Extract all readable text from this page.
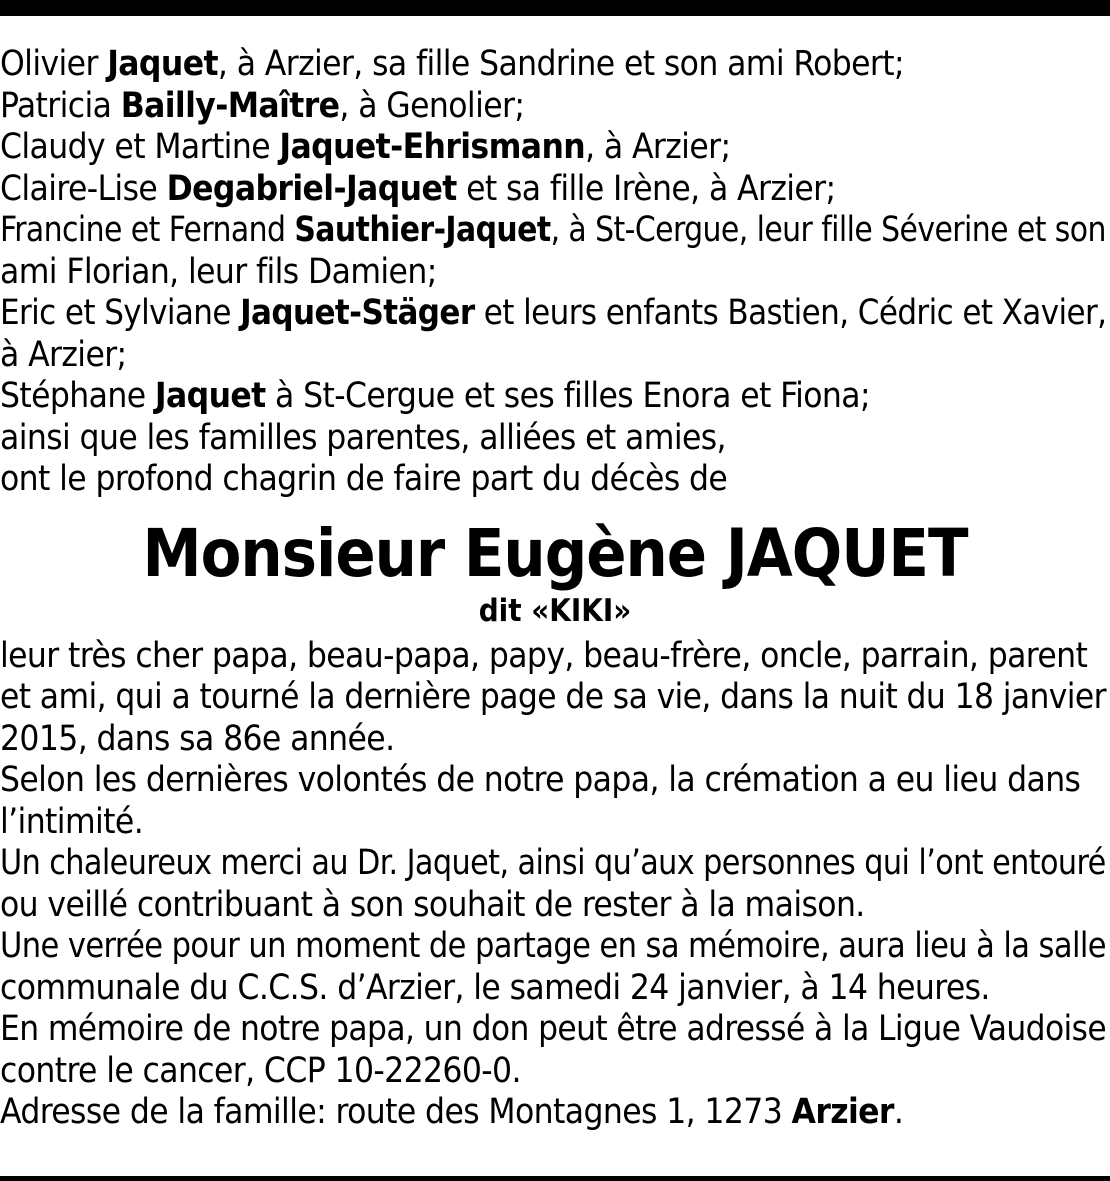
Olivier Jaquet, à Arzier, sa fille Sandrine et son ami Robert;
Patricia Bailly-Maître, à Genolier;
Claudy et Martine Jaquet-Ehrismann, à Arzier;
Claire-Lise Degabriel-Jaquet et sa fille Irène, à Arzier;
Francine et Fernand Sauthier-Jaquet, à St-Cergue, leur fille Séverine et son
ami Florian, leur fils Damien;
Eric et Sylviane Jaquet-Stäger et leurs enfants Bastien, Cédric et Xavier,
à Arzier;
Stéphane Jaquet à St-Cergue et ses filles Enora et Fiona;
ainsi que les familles parentes, alliées et amies,
ont le profond chagrin de faire part du décès de
Monsieur Eugène JAQUET
dit «KIKI»
leur très cher papa, beau-papa, papy, beau-frère, oncle, parrain, parent
et ami, qui a tourné la dernière page de sa vie, dans la nuit du 18 janvier
2015, dans sa 86e année.
Selon les dernières volontés de notre papa, la crémation a eu lieu dans
l’intimité.
Un chaleureux merci au Dr. Jaquet, ainsi qu’aux personnes qui l’ont entouré
ou veillé contribuant à son souhait de rester à la maison.
Une verrée pour un moment de partage en sa mémoire, aura lieu à la salle
communale du C.C.S. d’Arzier, le samedi 24 janvier, à 14 heures.
En mémoire de notre papa, un don peut être adressé à la Ligue Vaudoise
contre le cancer, CCP 10-22260-0.
Adresse de la famille: route des Montagnes 1, 1273 Arzier.
